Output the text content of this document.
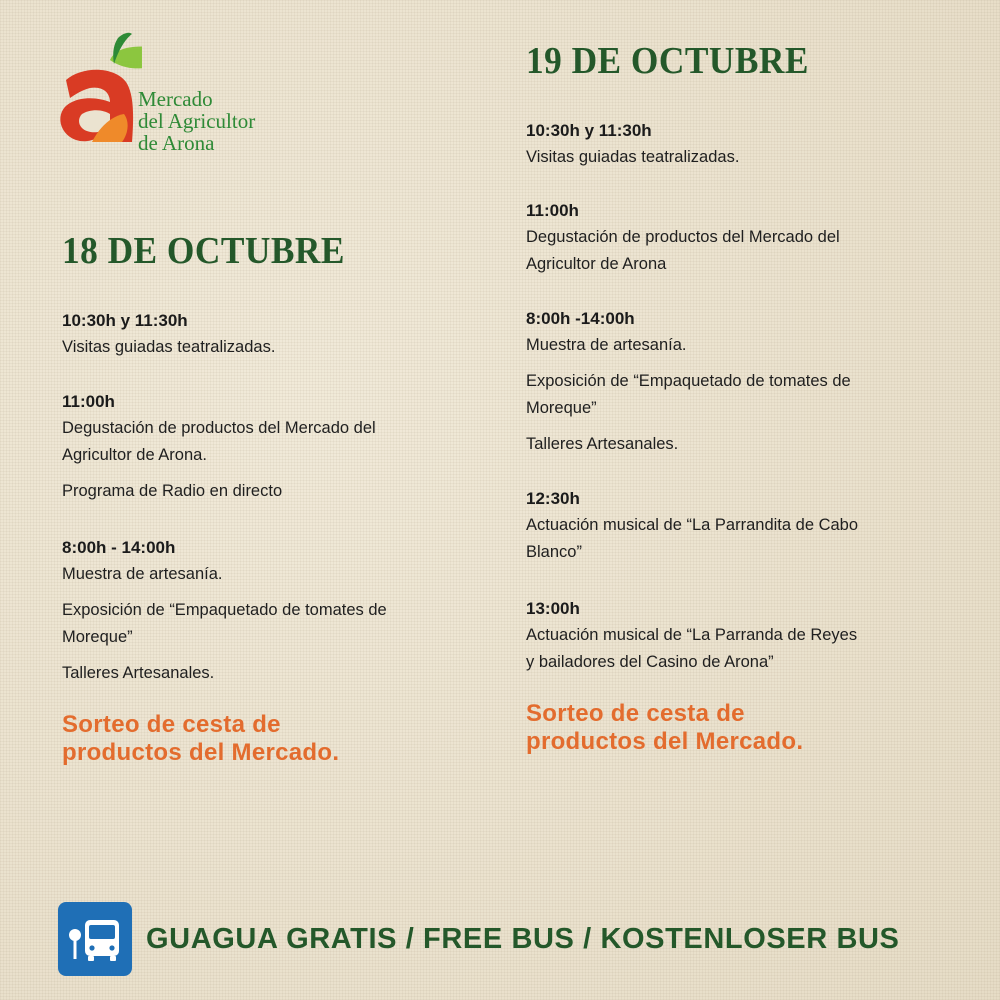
Mercado
del Agricultor
de Arona
18 DE OCTUBRE
10:30h y 11:30h
Visitas guiadas teatralizadas.
11:00h
Degustación de productos del Mercado del
Agricultor de Arona.
Programa de Radio en directo
8:00h - 14:00h
Muestra de artesanía.
Exposición de “Empaquetado de tomates de
Moreque”
Talleres Artesanales.
Sorteo de cesta de
productos del Mercado.
19 DE OCTUBRE
10:30h y 11:30h
Visitas guiadas teatralizadas.
11:00h
Degustación de productos del Mercado del
Agricultor de Arona
8:00h -14:00h
Muestra de artesanía.
Exposición de “Empaquetado de tomates de
Moreque”
Talleres Artesanales.
12:30h
Actuación musical de “La Parrandita de Cabo
Blanco”
13:00h
Actuación musical de “La Parranda de Reyes
y bailadores del Casino de Arona”
Sorteo de cesta de
productos del Mercado.
GUAGUA GRATIS / FREE BUS / KOSTENLOSER BUS
